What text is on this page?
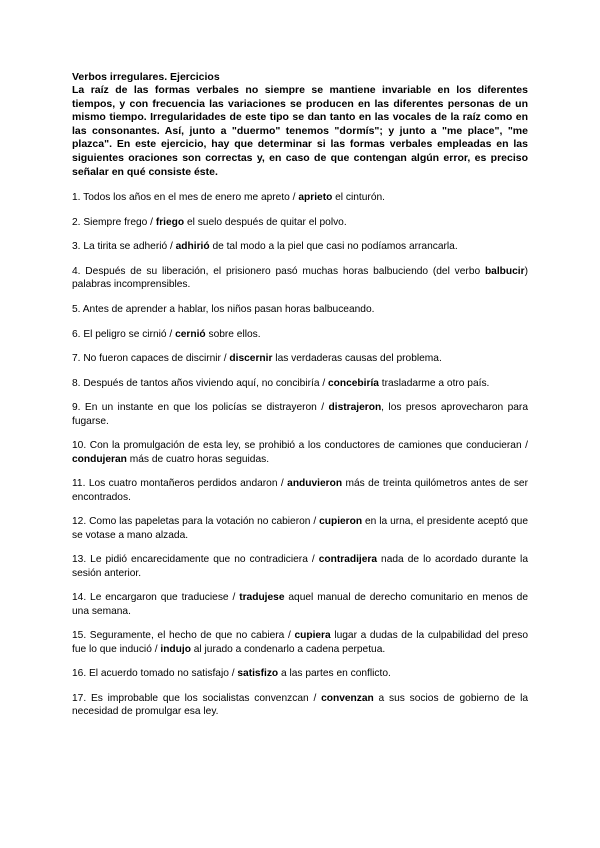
Verbos irregulares. Ejercicios

La raíz de las formas verbales no siempre se mantiene invariable en los diferentes tiempos, y con frecuencia las variaciones se producen en las diferentes personas de un mismo tiempo. Irregularidades de este tipo se dan tanto en las vocales de la raíz como en las consonantes. Así, junto a "duermo" tenemos "dormís"; y junto a "me place", "me plazca". En este ejercicio, hay que determinar si las formas verbales empleadas en las siguientes oraciones son correctas y, en caso de que contengan algún error, es preciso señalar en qué consiste éste.

1. Todos los años en el mes de enero me apreto / aprieto el cinturón.

2. Siempre frego / friego el suelo después de quitar el polvo.

3. La tirita se adherió / adhirió de tal modo a la piel que casi no podíamos arrancarla.

4. Después de su liberación, el prisionero pasó muchas horas balbuciendo (del verbo balbucir) palabras incomprensibles.

5. Antes de aprender a hablar, los niños pasan horas balbuceando.

6. El peligro se cirnió / cernió sobre ellos.

7. No fueron capaces de discirnir / discernir las verdaderas causas del problema.

8. Después de tantos años viviendo aquí, no concibiría / concebiría trasladarme a otro país.

9. En un instante en que los policías se distrayeron / distrajeron, los presos aprovecharon para fugarse.

10. Con la promulgación de esta ley, se prohibió a los conductores de camiones que conducieran / condujeran más de cuatro horas seguidas.

11. Los cuatro montañeros perdidos andaron / anduvieron más de treinta quilómetros antes de ser encontrados.

12. Como las papeletas para la votación no cabieron / cupieron en la urna, el presidente aceptó que se votase a mano alzada.

13. Le pidió encarecidamente que no contradiciera / contradijera nada de lo acordado durante la sesión anterior.

14. Le encargaron que traduciese / tradujese aquel manual de derecho comunitario en menos de una semana.

15. Seguramente, el hecho de que no cabiera / cupiera lugar a dudas de la culpabilidad del preso fue lo que indució / indujo al jurado a condenarlo a cadena perpetua.

16. El acuerdo tomado no satisfajo / satisfizo a las partes en conflicto.

17. Es improbable que los socialistas convenzcan / convenzan a sus socios de gobierno de la necesidad de promulgar esa ley.
